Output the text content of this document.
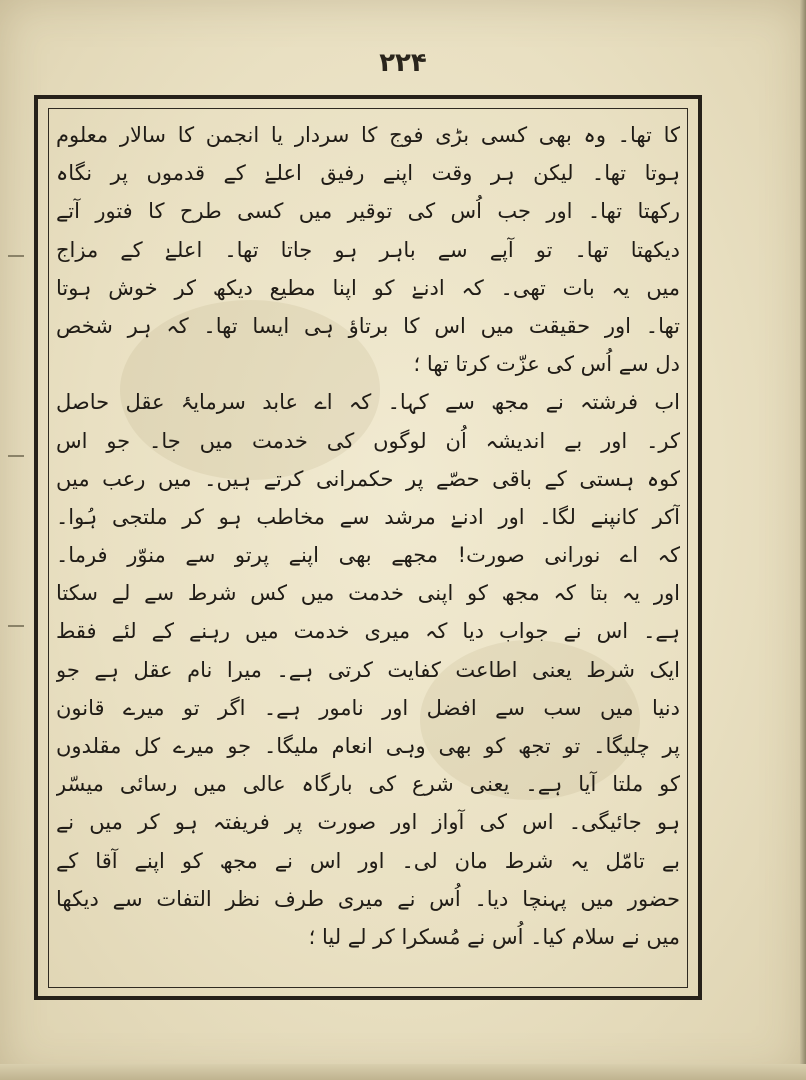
۲۲۴
کا تھا۔ وہ بھی کسی بڑی فوج کا سردار یا انجمن کا سالار معلوم
ہوتا تھا۔ لیکن ہر وقت اپنے رفیق اعلےٰ کے قدموں پر نگاہ
رکھتا تھا۔ اور جب اُس کی توقیر میں کسی طرح کا فتور آتے
دیکھتا تھا۔ تو آپے سے باہر ہو جاتا تھا۔ اعلےٰ کے مزاج
میں یہ بات تھی۔ کہ ادنےٰ کو اپنا مطیع دیکھ کر خوش ہوتا
تھا۔ اور حقیقت میں اس کا برتاؤ ہی ایسا تھا۔ کہ ہر شخص
دل سے اُس کی عزّت کرتا تھا ؛
اب فرشتہ نے مجھ سے کہا۔ کہ اے عابد سرمایۂ عقل حاصل
کر۔ اور بے اندیشہ اُن لوگوں کی خدمت میں جا۔ جو اس
کوہ ہستی کے باقی حصّے پر حکمرانی کرتے ہیں۔ میں رعب میں
آکر کانپنے لگا۔ اور ادنےٰ مرشد سے مخاطب ہو کر ملتجی ہُوا۔
کہ اے نورانی صورت! مجھے بھی اپنے پرتو سے منوّر فرما۔
اور یہ بتا کہ مجھ کو اپنی خدمت میں کس شرط سے لے سکتا
ہے۔ اس نے جواب دیا کہ میری خدمت میں رہنے کے لئے فقط
ایک شرط یعنی اطاعت کفایت کرتی ہے۔ میرا نام عقل ہے جو
دنیا میں سب سے افضل اور نامور ہے۔ اگر تو میرے قانون
پر چلیگا۔ تو تجھ کو بھی وہی انعام ملیگا۔ جو میرے کل مقلدوں
کو ملتا آیا ہے۔ یعنی شرع کی بارگاہ عالی میں رسائی میسّر
ہو جائیگی۔ اس کی آواز اور صورت پر فریفتہ ہو کر میں نے
بے تامّل یہ شرط مان لی۔ اور اس نے مجھ کو اپنے آقا کے
حضور میں پہنچا دیا۔ اُس نے میری طرف نظر التفات سے دیکھا
میں نے سلام کیا۔ اُس نے مُسکرا کر لے لیا ؛
